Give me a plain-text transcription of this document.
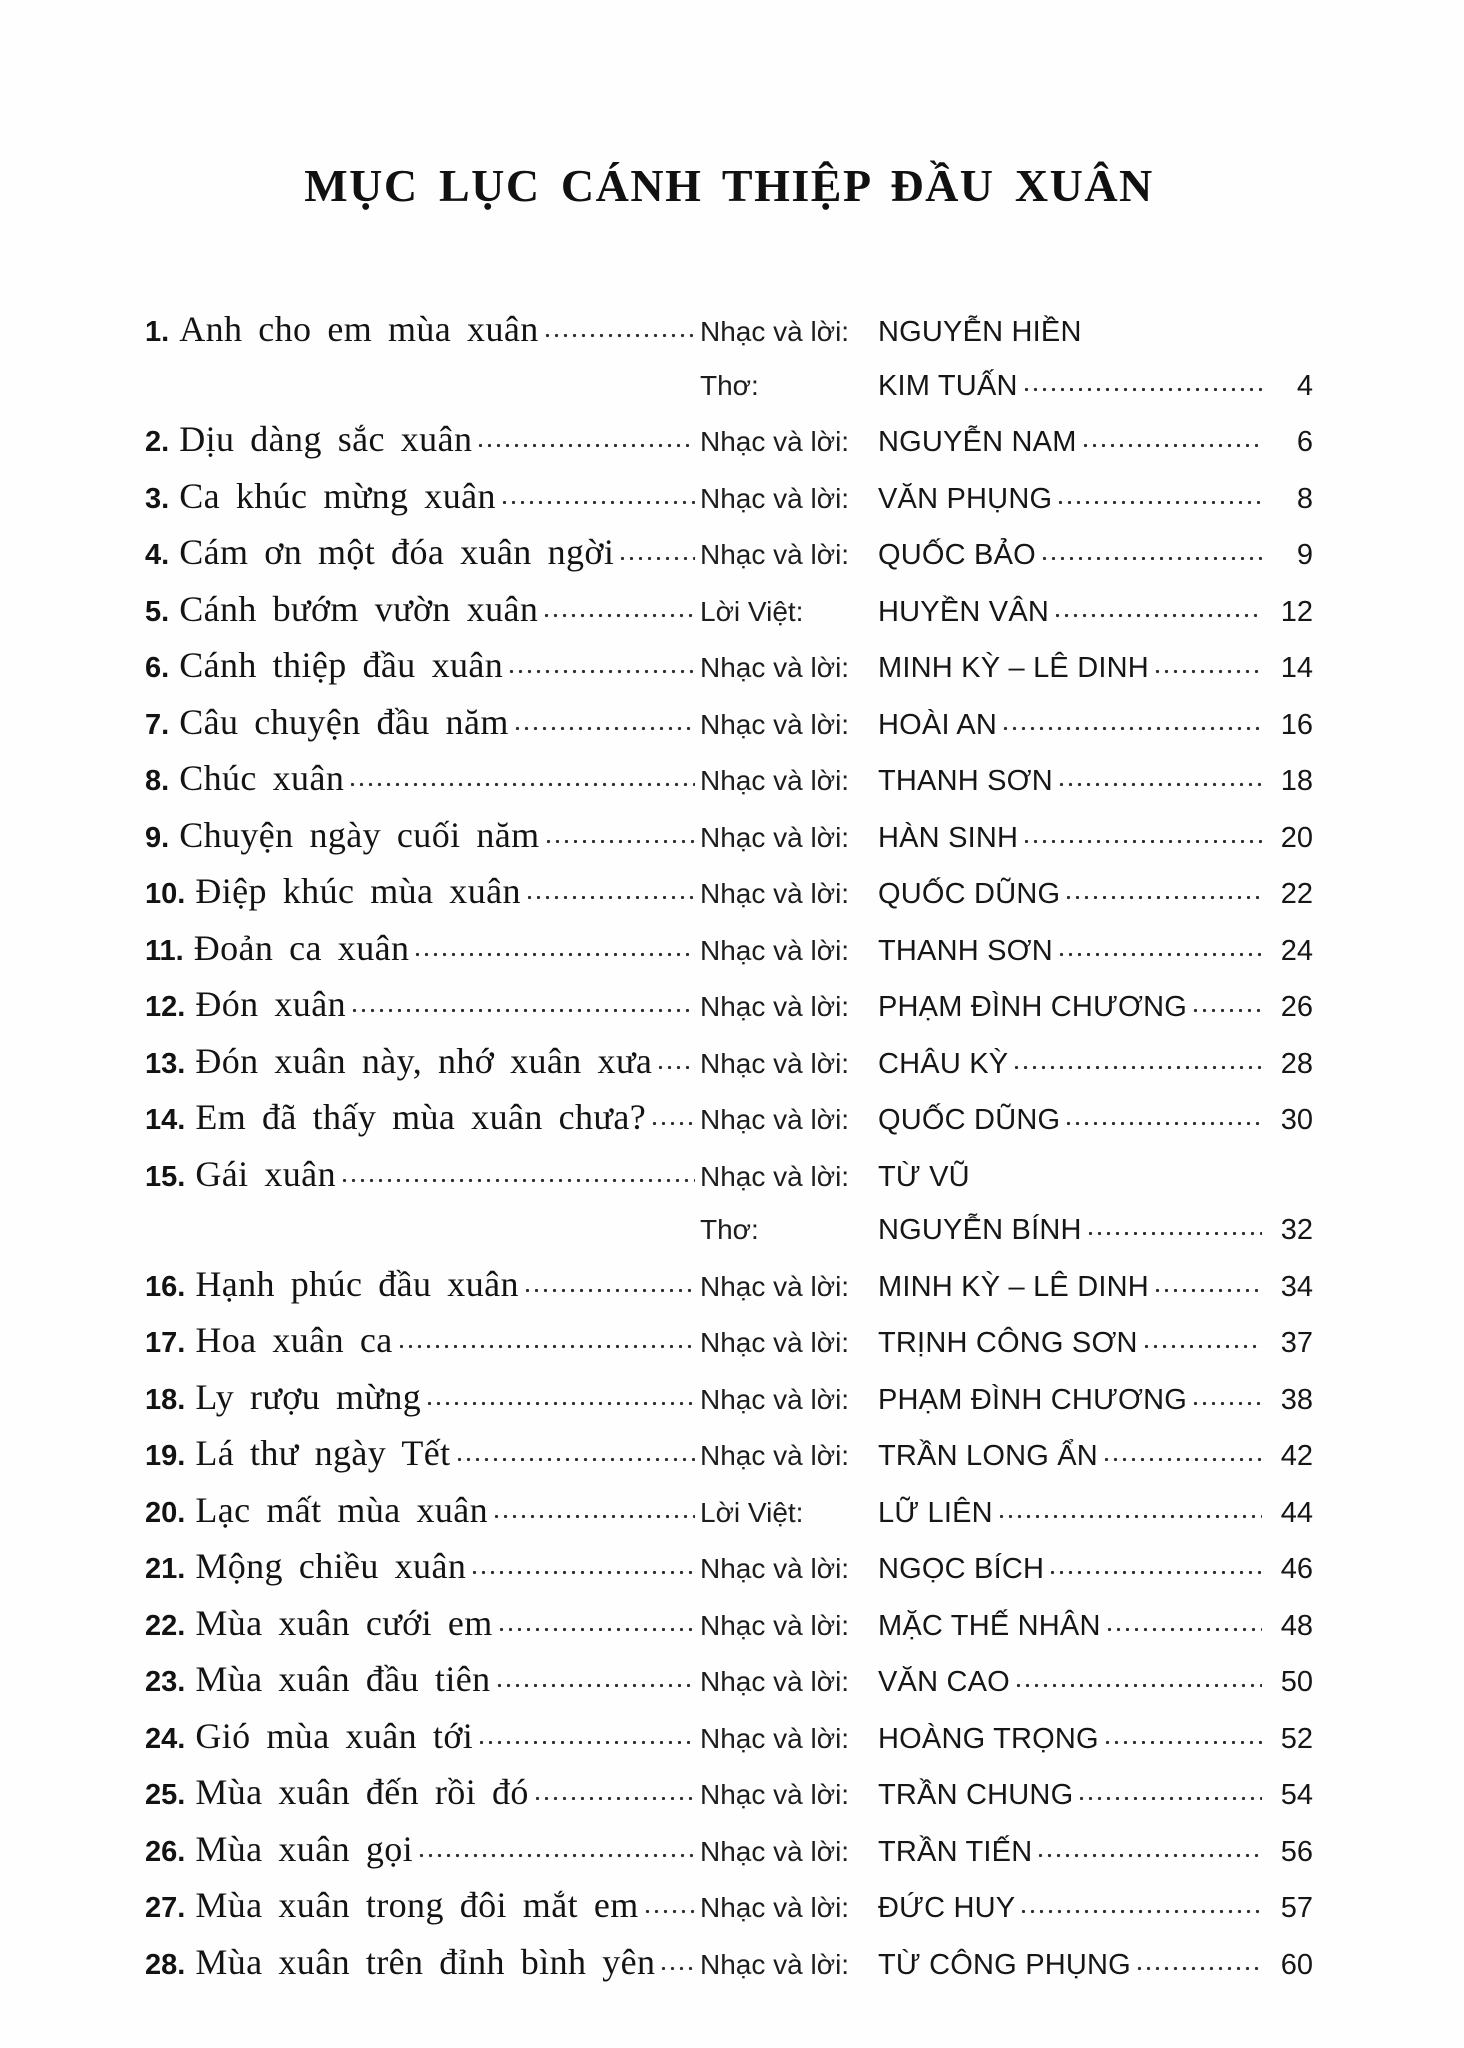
MỤC LỤC CÁNH THIỆP ĐẦU XUÂN
1. Anh cho em mùa xuân	Nhạc và lời: NGUYỄN HIỀN
Thơ:	KIM TUẤN	4
2. Dịu dàng sắc xuân	Nhạc và lời: NGUYỄN NAM	6
3. Ca khúc mừng xuân	Nhạc và lời: VĂN PHỤNG	8
4. Cám ơn một đóa xuân ngời	Nhạc và lời: QUỐC BẢO	9
5. Cánh bướm vườn xuân	Lời Việt:	HUYỀN VÂN	12
6. Cánh thiệp đầu xuân	Nhạc và lời: MINH KỲ – LÊ DINH	14
7. Câu chuyện đầu năm	Nhạc và lời: HOÀI AN	16
8. Chúc xuân	Nhạc và lời: THANH SƠN	18
9. Chuyện ngày cuối năm	Nhạc và lời: HÀN SINH	20
10. Điệp khúc mùa xuân	Nhạc và lời: QUỐC DŨNG	22
11. Đoản ca xuân	Nhạc và lời: THANH SƠN	24
12. Đón xuân	Nhạc và lời: PHẠM ĐÌNH CHƯƠNG	26
13. Đón xuân này, nhớ xuân xưa Nhạc và lời: CHÂU KỲ	28
14. Em đã thấy mùa xuân chưa? Nhạc và lời: QUỐC DŨNG	30
15. Gái xuân	Nhạc và lời: TỪ VŨ
Thơ:	NGUYỄN BÍNH	32
16. Hạnh phúc đầu xuân	Nhạc và lời: MINH KỲ – LÊ DINH	34
17. Hoa xuân ca	Nhạc và lời: TRỊNH CÔNG SƠN	37
18. Ly rượu mừng	Nhạc và lời: PHẠM ĐÌNH CHƯƠNG	38
19. Lá thư ngày Tết	Nhạc và lời: TRẦN LONG ẨN	42
20. Lạc mất mùa xuân	Lời Việt:	LỮ LIÊN	44
21. Mộng chiều xuân	Nhạc và lời: NGỌC BÍCH	46
22. Mùa xuân cưới em	Nhạc và lời: MẶC THẾ NHÂN	48
23. Mùa xuân đầu tiên	Nhạc và lời: VĂN CAO	50
24. Gió mùa xuân tới	Nhạc và lời: HOÀNG TRỌNG	52
25. Mùa xuân đến rồi đó	Nhạc và lời: TRẦN CHUNG	54
26. Mùa xuân gọi	Nhạc và lời: TRẦN TIẾN	56
27. Mùa xuân trong đôi mắt em Nhạc và lời: ĐỨC HUY	57
28. Mùa xuân trên đỉnh bình yên Nhạc và lời: TỪ CÔNG PHỤNG	60
